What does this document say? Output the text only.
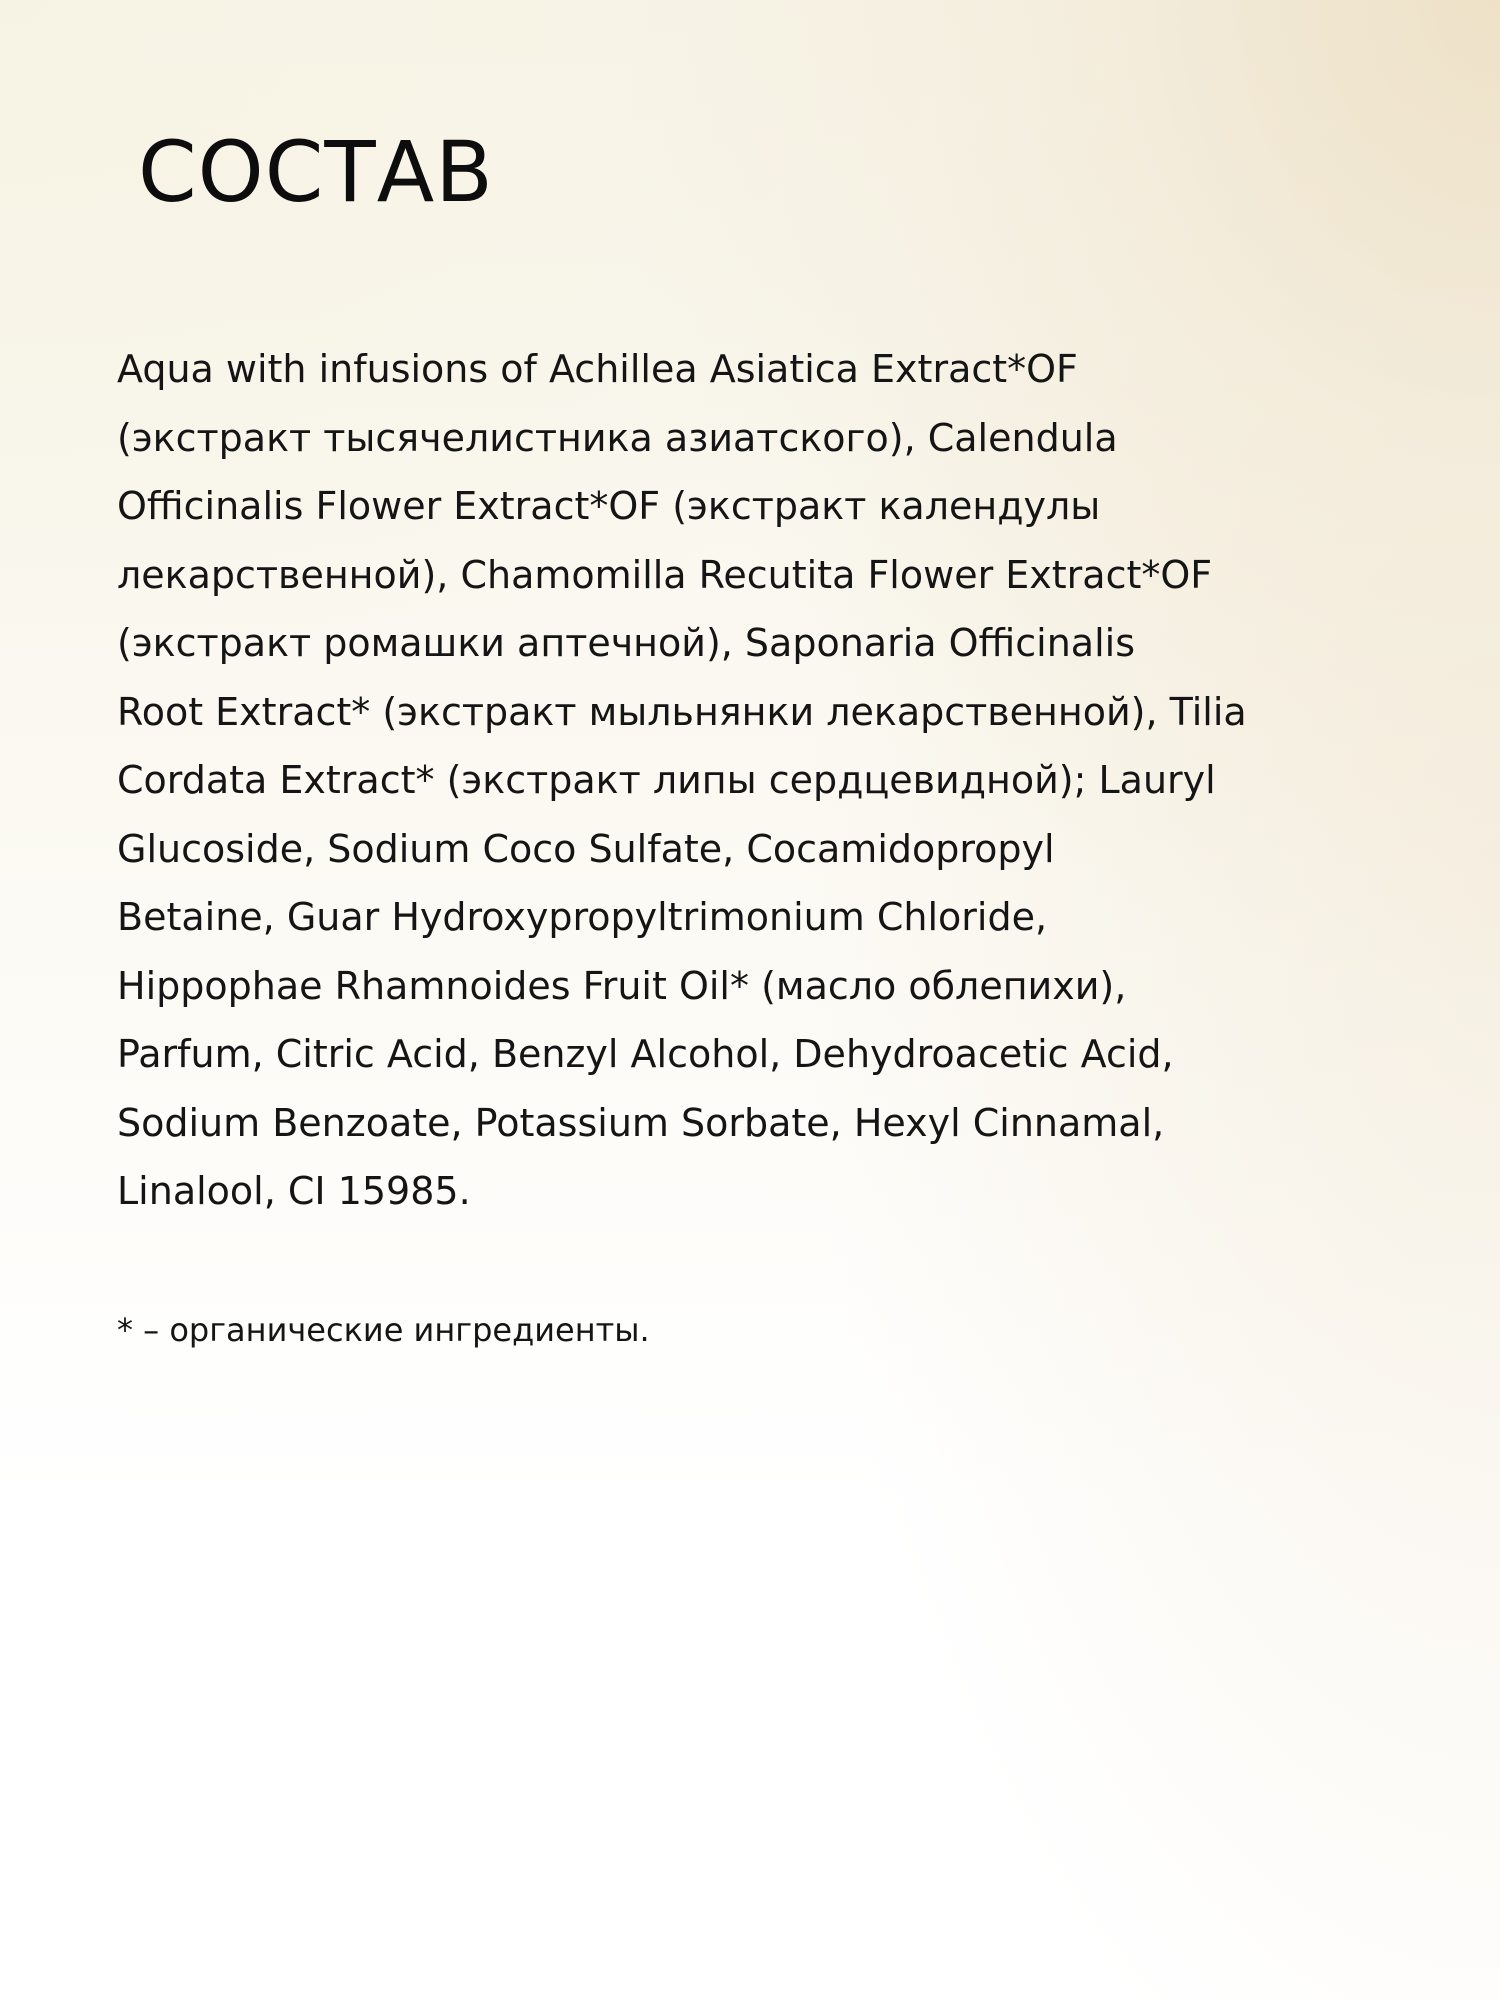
СОСТАВ

Aqua with infusions of Achillea Asiatica Extract*OF
(экстракт тысячелистника азиатского), Calendula
Officinalis Flower Extract*OF (экстракт календулы
лекарственной), Chamomilla Recutita Flower Extract*OF
(экстракт ромашки аптечной), Saponaria Officinalis
Root Extract* (экстракт мыльнянки лекарственной), Tilia
Cordata Extract* (экстракт липы сердцевидной); Lauryl
Glucoside, Sodium Coco Sulfate, Cocamidopropyl
Betaine, Guar Hydroxypropyltrimonium Chloride,
Hippophae Rhamnoides Fruit Oil* (масло облепихи),
Parfum, Citric Acid, Benzyl Alcohol, Dehydroacetic Acid,
Sodium Benzoate, Potassium Sorbate, Hexyl Cinnamal,
Linalool, CI 15985.

* – органические ингредиенты.
